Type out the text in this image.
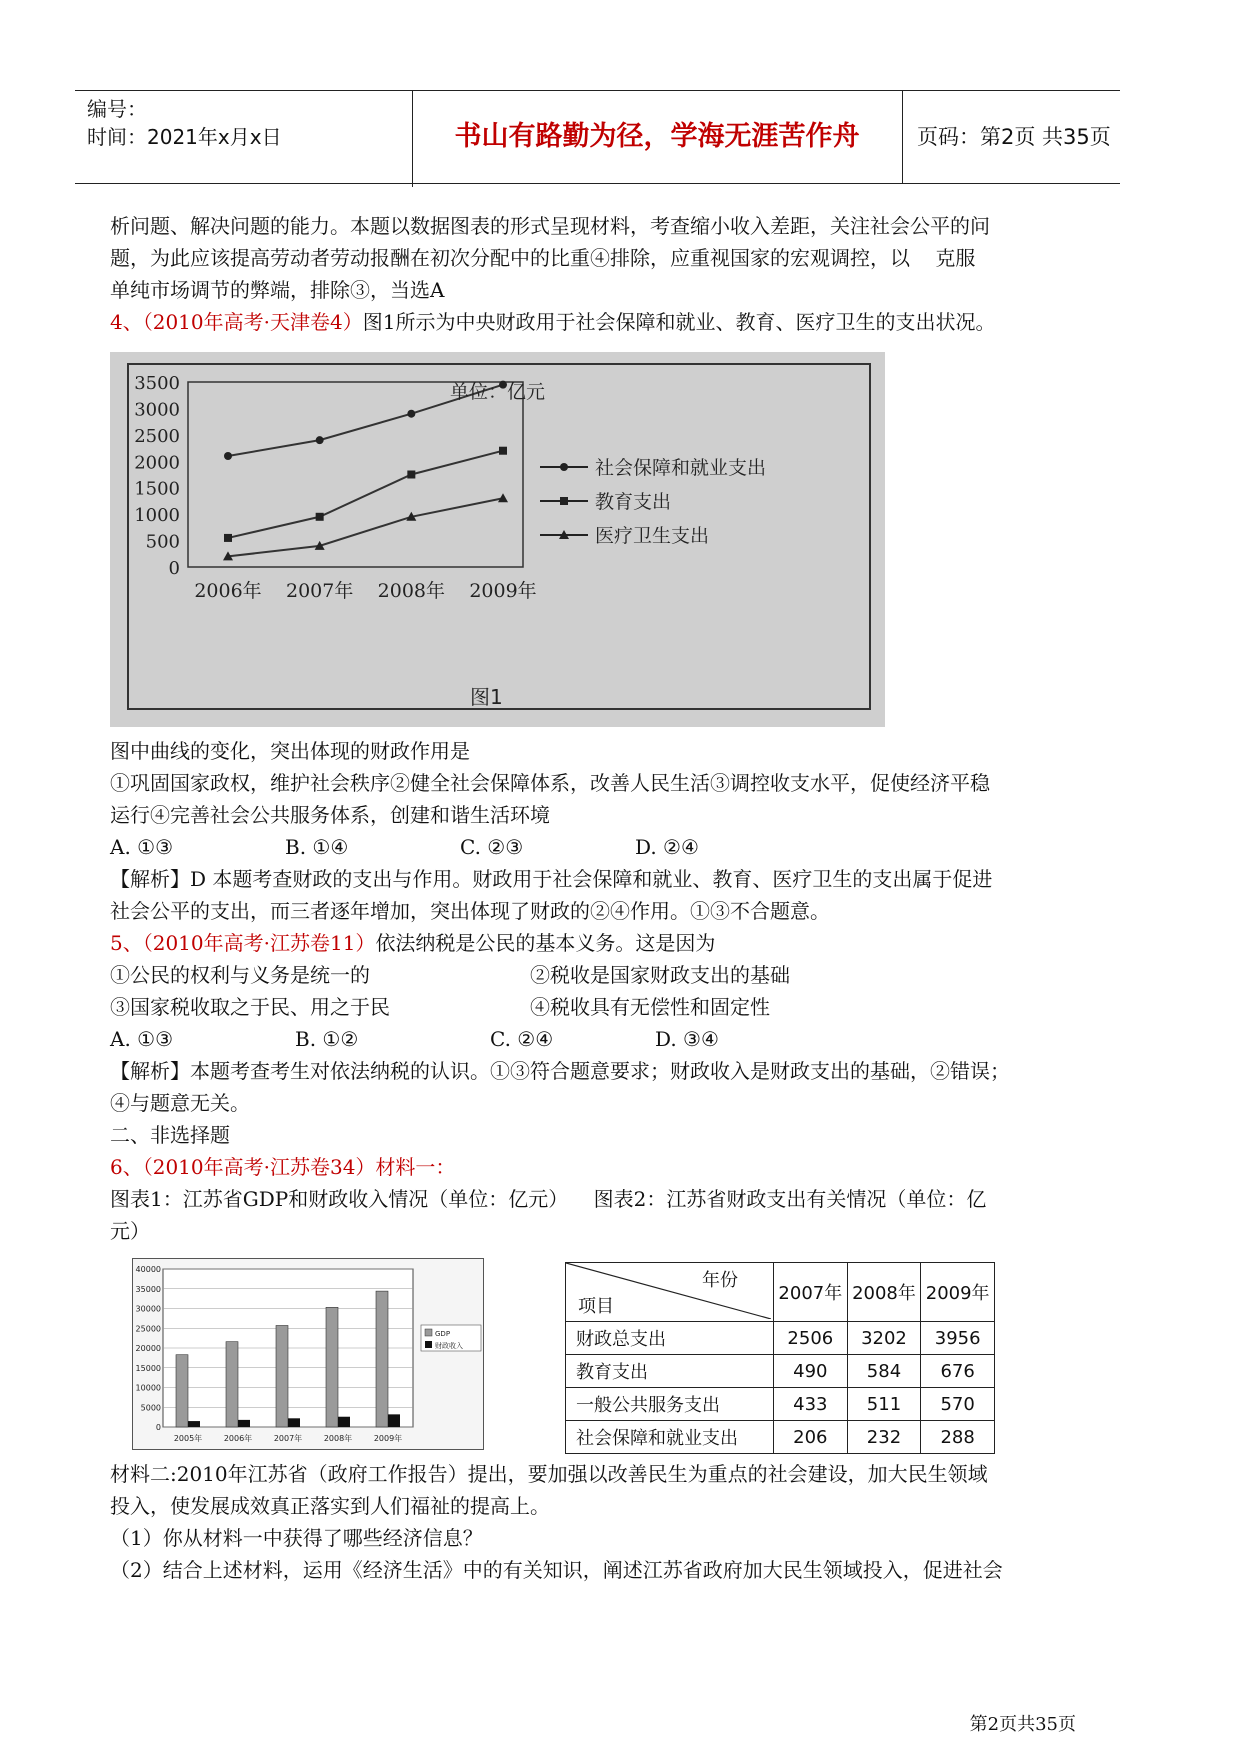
编号：
时间：2021年x月x日	书山有路勤为径，学海无涯苦作舟	页码：第2页 共35页

析问题、解决问题的能力。本题以数据图表的形式呈现材料，考查缩小收入差距，关注社会公平的问

题，为此应该提高劳动者劳动报酬在初次分配中的比重④排除，应重视国家的宏观调控，以    克服

单纯市场调节的弊端，排除③，当选A

4、（2010年高考·天津卷4）图1所示为中央财政用于社会保障和就业、教育、医疗卫生的支出状况。

0
500
1000
1500
2000
2500
3000
3500
2006年 2007年 2008年 2009年
单位：亿元
图1
社会保障和就业支出
教育支出
医疗卫生支出

图中曲线的变化，突出体现的财政作用是

①巩固国家政权，维护社会秩序②健全社会保障体系，改善人民生活③调控收支水平，促使经济平稳

运行④完善社会公共服务体系，创建和谐生活环境

A. ①③	B. ①④	C. ②③	D. ②④

【解析】D 本题考查财政的支出与作用。财政用于社会保障和就业、教育、医疗卫生的支出属于促进

社会公平的支出，而三者逐年增加，突出体现了财政的②④作用。①③不合题意。

5、（2010年高考·江苏卷11）依法纳税是公民的基本义务。这是因为

①公民的权利与义务是统一的	②税收是国家财政支出的基础
③国家税收取之于民、用之于民	④税收具有无偿性和固定性
A. ①③	B. ①②	C. ②④	D. ③④

【解析】本题考查考生对依法纳税的认识。①③符合题意要求；财政收入是财政支出的基础，②错误；

④与题意无关。

二、非选择题

6、（2010年高考·江苏卷34）材料一：

图表1：江苏省GDP和财政收入情况（单位：亿元）    图表2：江苏省财政支出有关情况（单位：亿

元）

0
5000
10000
15000
20000
25000
30000
35000
40000
2005年	2006年	2007年	2008年	2009年
GDP
财政收入
年份
项目	2007年	2008年	2009年
财政总支出	2506	3202	3956
教育支出	490	584	676
一般公共服务支出	433	511	570
社会保障和就业支出	206	232	288

材料二:2010年江苏省（政府工作报告）提出，要加强以改善民生为重点的社会建设，加大民生领域

投入，使发展成效真正落实到人们福祉的提高上。

（1）你从材料一中获得了哪些经济信息？

（2）结合上述材料，运用《经济生活》中的有关知识，阐述江苏省政府加大民生领域投入，促进社会

第2页共35页
